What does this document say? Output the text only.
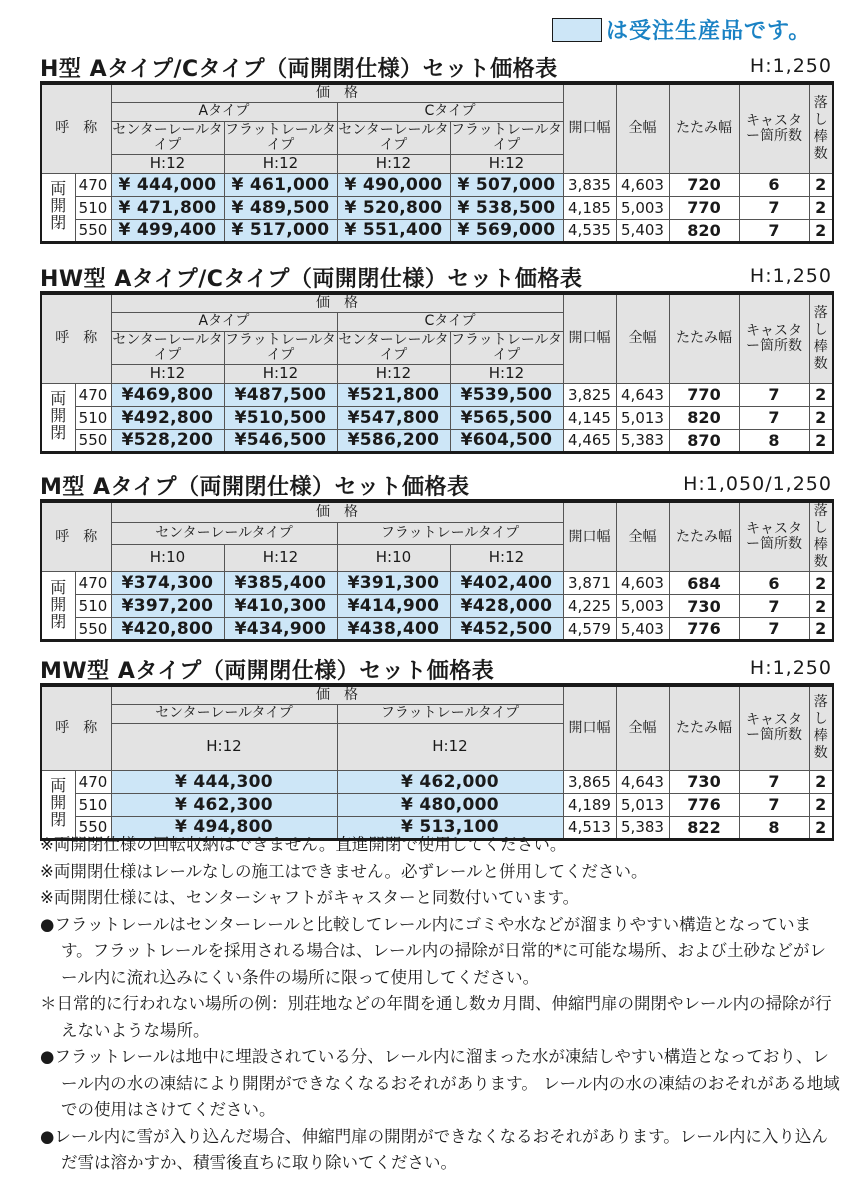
は受注生産品です。
H型 Aタイプ/Cタイプ（両開閉仕様）セット価格表	H:1,250
呼　称		価　格				開口幅	全幅	たたみ幅	キャスター箇所数	落し棒数
		Aタイプ		Cタイプ						
		センターレールタイプ	フラットレールタイプ	センターレールタイプ	フラットレールタイプ					
		H:12	H:12	H:12	H:12					
両開閉	470	¥ 444,000	¥ 461,000	¥ 490,000	¥ 507,000	3,835	4,603	720	6	2
	510	¥ 471,800	¥ 489,500	¥ 520,800	¥ 538,500	4,185	5,003	770	7	2
	550	¥ 499,400	¥ 517,000	¥ 551,400	¥ 569,000	4,535	5,403	820	7	2
HW型 Aタイプ/Cタイプ（両開閉仕様）セット価格表	H:1,250
呼　称		価　格				開口幅	全幅	たたみ幅	キャスター箇所数	落し棒数
		Aタイプ		Cタイプ						
		センターレールタイプ	フラットレールタイプ	センターレールタイプ	フラットレールタイプ					
		H:12	H:12	H:12	H:12					
両開閉	470	¥469,800	¥487,500	¥521,800	¥539,500	3,825	4,643	770	7	2
	510	¥492,800	¥510,500	¥547,800	¥565,500	4,145	5,013	820	7	2
	550	¥528,200	¥546,500	¥586,200	¥604,500	4,465	5,383	870	8	2
M型 Aタイプ（両開閉仕様）セット価格表	H:1,050/1,250
呼　称		価　格				開口幅	全幅	たたみ幅	キャスター箇所数	落し棒数
		センターレールタイプ		フラットレールタイプ						
		H:10	H:12	H:10	H:12					
両開閉	470	¥374,300	¥385,400	¥391,300	¥402,400	3,871	4,603	684	6	2
	510	¥397,200	¥410,300	¥414,900	¥428,000	4,225	5,003	730	7	2
	550	¥420,800	¥434,900	¥438,400	¥452,500	4,579	5,403	776	7	2
MW型 Aタイプ（両開閉仕様）セット価格表	H:1,250
呼　称		価　格		開口幅	全幅	たたみ幅	キャスター箇所数	落し棒数
		センターレールタイプ	フラットレールタイプ					
		H:12	H:12					
両開閉	470	¥ 444,300	¥ 462,000	3,865	4,643	730	7	2
	510	¥ 462,300	¥ 480,000	4,189	5,013	776	7	2
	550	¥ 494,800	¥ 513,100	4,513	5,383	822	8	2

※両開閉仕様の回転収納はできません。直進開閉で使用してください。

※両開閉仕様はレールなしの施工はできません。必ずレールと併用してください。

※両開閉仕様には、センターシャフトがキャスターと同数付いています。

●フラットレールはセンターレールと比較してレール内にゴミや水などが溜まりやすい構造となっています。フラットレールを採用される場合は、レール内の掃除が日常的*に可能な場所、および土砂などがレール内に流れ込みにくい条件の場所に限って使用してください。

＊日常的に行われない場所の例：別荘地などの年間を通し数カ月間、伸縮門扉の開閉やレール内の掃除が行えないような場所。

●フラットレールは地中に埋設されている分、レール内に溜まった水が凍結しやすい構造となっており、レール内の水の凍結により開閉ができなくなるおそれがあります。 レール内の水の凍結のおそれがある地域での使用はさけてください。

●レール内に雪が入り込んだ場合、伸縮門扉の開閉ができなくなるおそれがあります。レール内に入り込んだ雪は溶かすか、積雪後直ちに取り除いてください。
